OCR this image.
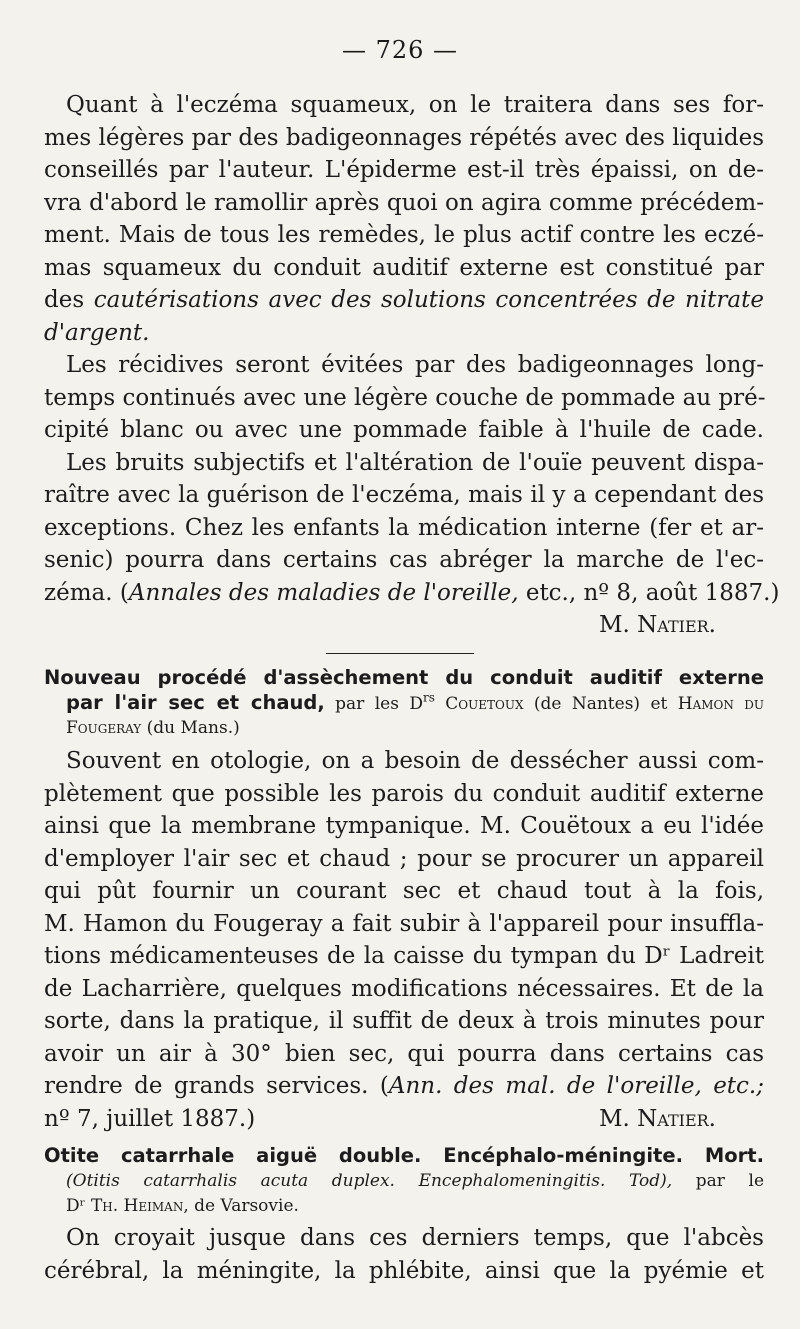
— 726 —
Quant à l'eczéma squameux, on le traitera dans ses for-
mes légères par des badigeonnages répétés avec des liquides
conseillés par l'auteur. L'épiderme est-il très épaissi, on de-
vra d'abord le ramollir après quoi on agira comme précédem-
ment. Mais de tous les remèdes, le plus actif contre les eczé-
mas squameux du conduit auditif externe est constitué par
des cautérisations avec des solutions concentrées de nitrate
d'argent.
Les récidives seront évitées par des badigeonnages long-
temps continués avec une légère couche de pommade au pré-
cipité blanc ou avec une pommade faible à l'huile de cade.
Les bruits subjectifs et l'altération de l'ouïe peuvent dispa-
raître avec la guérison de l'eczéma, mais il y a cependant des
exceptions. Chez les enfants la médication interne (fer et ar-
senic) pourra dans certains cas abréger la marche de l'ec-
zéma. (Annales des maladies de l'oreille, etc., nº 8, août 1887.)
M. Natier.
Nouveau procédé d'assèchement du conduit auditif externe
par l'air sec et chaud, par les $D^{rs}$ Couetoux (de Nantes) et Hamon du
Fougeray (du Mans.)
Souvent en otologie, on a besoin de dessécher aussi com-
plètement que possible les parois du conduit auditif externe
ainsi que la membrane tympanique. M. Couëtoux a eu l'idée
d'employer l'air sec et chaud ; pour se procurer un appareil
qui pût fournir un courant sec et chaud tout à la fois,
M. Hamon du Fougeray a fait subir à l'appareil pour insuffla-
tions médicamenteuses de la caisse du tympan du Dʳ Ladreit
de Lacharrière, quelques modifications nécessaires. Et de la
sorte, dans la pratique, il suffit de deux à trois minutes pour
avoir un air à 30° bien sec, qui pourra dans certains cas
rendre de grands services. (Ann. des mal. de l'oreille, etc.;
nº 7, juillet 1887.)	M. Natier.
Otite catarrhale aiguë double. Encéphalo-méningite. Mort.
(Otitis catarrhalis acuta duplex. Encephalomeningitis. Tod), par le
Dʳ Th. Heiman, de Varsovie.
On croyait jusque dans ces derniers temps, que l'abcès
cérébral, la méningite, la phlébite, ainsi que la pyémie et
